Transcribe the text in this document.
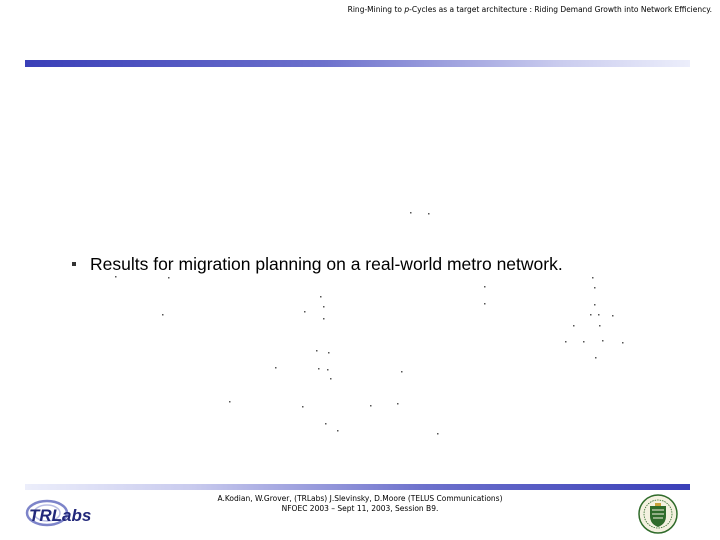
Ring-Mining to p-Cycles as a target architecture : Riding Demand Growth into Network Efficiency.
Results for migration planning on a real-world metro network.
TRLabs
A.Kodian, W.Grover, (TRLabs) J.Slevinsky, D.Moore (TELUS Communications)
NFOEC 2003 – Sept 11, 2003, Session B9.
